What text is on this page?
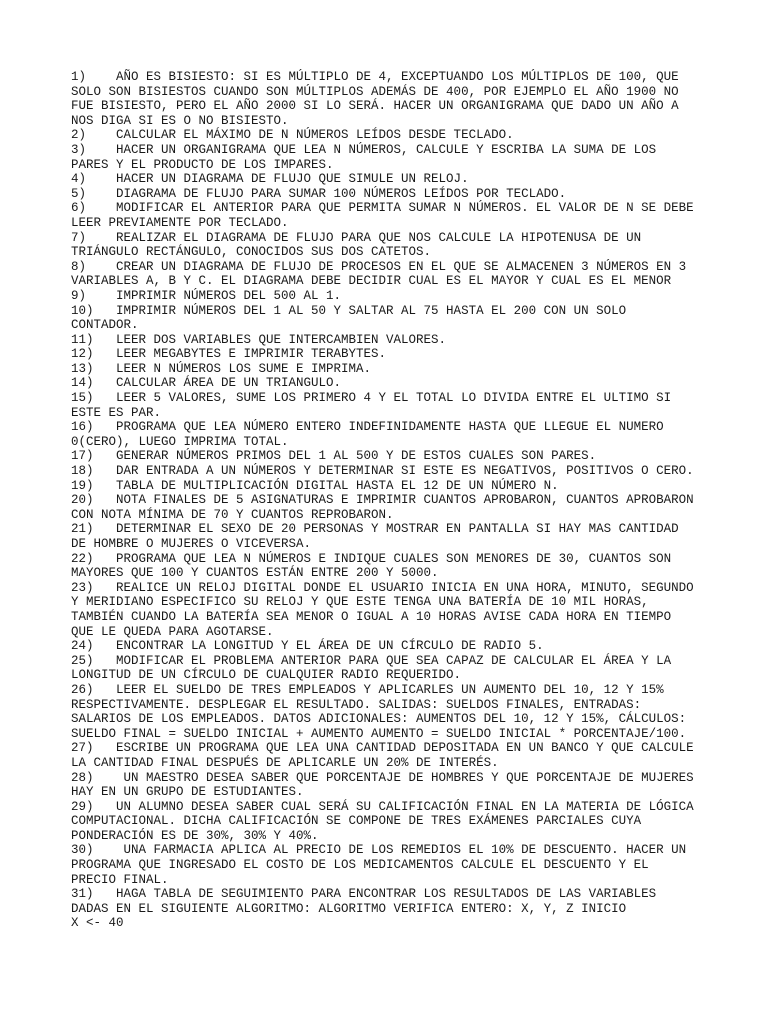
1)    AÑO ES BISIESTO: SI ES MÚLTIPLO DE 4, EXCEPTUANDO LOS MÚLTIPLOS DE 100, QUE
SOLO SON BISIESTOS CUANDO SON MÚLTIPLOS ADEMÁS DE 400, POR EJEMPLO EL AÑO 1900 NO
FUE BISIESTO, PERO EL AÑO 2000 SI LO SERÁ. HACER UN ORGANIGRAMA QUE DADO UN AÑO A
NOS DIGA SI ES O NO BISIESTO.
2)    CALCULAR EL MÁXIMO DE N NÚMEROS LEÍDOS DESDE TECLADO.
3)    HACER UN ORGANIGRAMA QUE LEA N NÚMEROS, CALCULE Y ESCRIBA LA SUMA DE LOS
PARES Y EL PRODUCTO DE LOS IMPARES.
4)    HACER UN DIAGRAMA DE FLUJO QUE SIMULE UN RELOJ.
5)    DIAGRAMA DE FLUJO PARA SUMAR 100 NÚMEROS LEÍDOS POR TECLADO.
6)    MODIFICAR EL ANTERIOR PARA QUE PERMITA SUMAR N NÚMEROS. EL VALOR DE N SE DEBE
LEER PREVIAMENTE POR TECLADO.
7)    REALIZAR EL DIAGRAMA DE FLUJO PARA QUE NOS CALCULE LA HIPOTENUSA DE UN
TRIÁNGULO RECTÁNGULO, CONOCIDOS SUS DOS CATETOS.
8)    CREAR UN DIAGRAMA DE FLUJO DE PROCESOS EN EL QUE SE ALMACENEN 3 NÚMEROS EN 3
VARIABLES A, B Y C. EL DIAGRAMA DEBE DECIDIR CUAL ES EL MAYOR Y CUAL ES EL MENOR
9)    IMPRIMIR NÚMEROS DEL 500 AL 1.
10)   IMPRIMIR NÚMEROS DEL 1 AL 50 Y SALTAR AL 75 HASTA EL 200 CON UN SOLO
CONTADOR.
11)   LEER DOS VARIABLES QUE INTERCAMBIEN VALORES.
12)   LEER MEGABYTES E IMPRIMIR TERABYTES.
13)   LEER N NÚMEROS LOS SUME E IMPRIMA.
14)   CALCULAR ÁREA DE UN TRIANGULO.
15)   LEER 5 VALORES, SUME LOS PRIMERO 4 Y EL TOTAL LO DIVIDA ENTRE EL ULTIMO SI
ESTE ES PAR.
16)   PROGRAMA QUE LEA NÚMERO ENTERO INDEFINIDAMENTE HASTA QUE LLEGUE EL NUMERO
0(CERO), LUEGO IMPRIMA TOTAL.
17)   GENERAR NÚMEROS PRIMOS DEL 1 AL 500 Y DE ESTOS CUALES SON PARES.
18)   DAR ENTRADA A UN NÚMEROS Y DETERMINAR SI ESTE ES NEGATIVOS, POSITIVOS O CERO.
19)   TABLA DE MULTIPLICACIÓN DIGITAL HASTA EL 12 DE UN NÚMERO N.
20)   NOTA FINALES DE 5 ASIGNATURAS E IMPRIMIR CUANTOS APROBARON, CUANTOS APROBARON
CON NOTA MÍNIMA DE 70 Y CUANTOS REPROBARON.
21)   DETERMINAR EL SEXO DE 20 PERSONAS Y MOSTRAR EN PANTALLA SI HAY MAS CANTIDAD
DE HOMBRE O MUJERES O VICEVERSA.
22)   PROGRAMA QUE LEA N NÚMEROS E INDIQUE CUALES SON MENORES DE 30, CUANTOS SON
MAYORES QUE 100 Y CUANTOS ESTÁN ENTRE 200 Y 5000.
23)   REALICE UN RELOJ DIGITAL DONDE EL USUARIO INICIA EN UNA HORA, MINUTO, SEGUNDO
Y MERIDIANO ESPECIFICO SU RELOJ Y QUE ESTE TENGA UNA BATERÍA DE 10 MIL HORAS,
TAMBIÉN CUANDO LA BATERÍA SEA MENOR O IGUAL A 10 HORAS AVISE CADA HORA EN TIEMPO
QUE LE QUEDA PARA AGOTARSE.
24)   ENCONTRAR LA LONGITUD Y EL ÁREA DE UN CÍRCULO DE RADIO 5.
25)   MODIFICAR EL PROBLEMA ANTERIOR PARA QUE SEA CAPAZ DE CALCULAR EL ÁREA Y LA
LONGITUD DE UN CÍRCULO DE CUALQUIER RADIO REQUERIDO.
26)   LEER EL SUELDO DE TRES EMPLEADOS Y APLICARLES UN AUMENTO DEL 10, 12 Y 15%
RESPECTIVAMENTE. DESPLEGAR EL RESULTADO. SALIDAS: SUELDOS FINALES, ENTRADAS:
SALARIOS DE LOS EMPLEADOS. DATOS ADICIONALES: AUMENTOS DEL 10, 12 Y 15%, CÁLCULOS:
SUELDO FINAL = SUELDO INICIAL + AUMENTO AUMENTO = SUELDO INICIAL * PORCENTAJE/100.
27)   ESCRIBE UN PROGRAMA QUE LEA UNA CANTIDAD DEPOSITADA EN UN BANCO Y QUE CALCULE
LA CANTIDAD FINAL DESPUÉS DE APLICARLE UN 20% DE INTERÉS.
28)    UN MAESTRO DESEA SABER QUE PORCENTAJE DE HOMBRES Y QUE PORCENTAJE DE MUJERES
HAY EN UN GRUPO DE ESTUDIANTES.
29)   UN ALUMNO DESEA SABER CUAL SERÁ SU CALIFICACIÓN FINAL EN LA MATERIA DE LÓGICA
COMPUTACIONAL. DICHA CALIFICACIÓN SE COMPONE DE TRES EXÁMENES PARCIALES CUYA
PONDERACIÓN ES DE 30%, 30% Y 40%.
30)    UNA FARMACIA APLICA AL PRECIO DE LOS REMEDIOS EL 10% DE DESCUENTO. HACER UN
PROGRAMA QUE INGRESADO EL COSTO DE LOS MEDICAMENTOS CALCULE EL DESCUENTO Y EL
PRECIO FINAL.
31)   HAGA TABLA DE SEGUIMIENTO PARA ENCONTRAR LOS RESULTADOS DE LAS VARIABLES
DADAS EN EL SIGUIENTE ALGORITMO: ALGORITMO VERIFICA ENTERO: X, Y, Z INICIO
X <- 40
